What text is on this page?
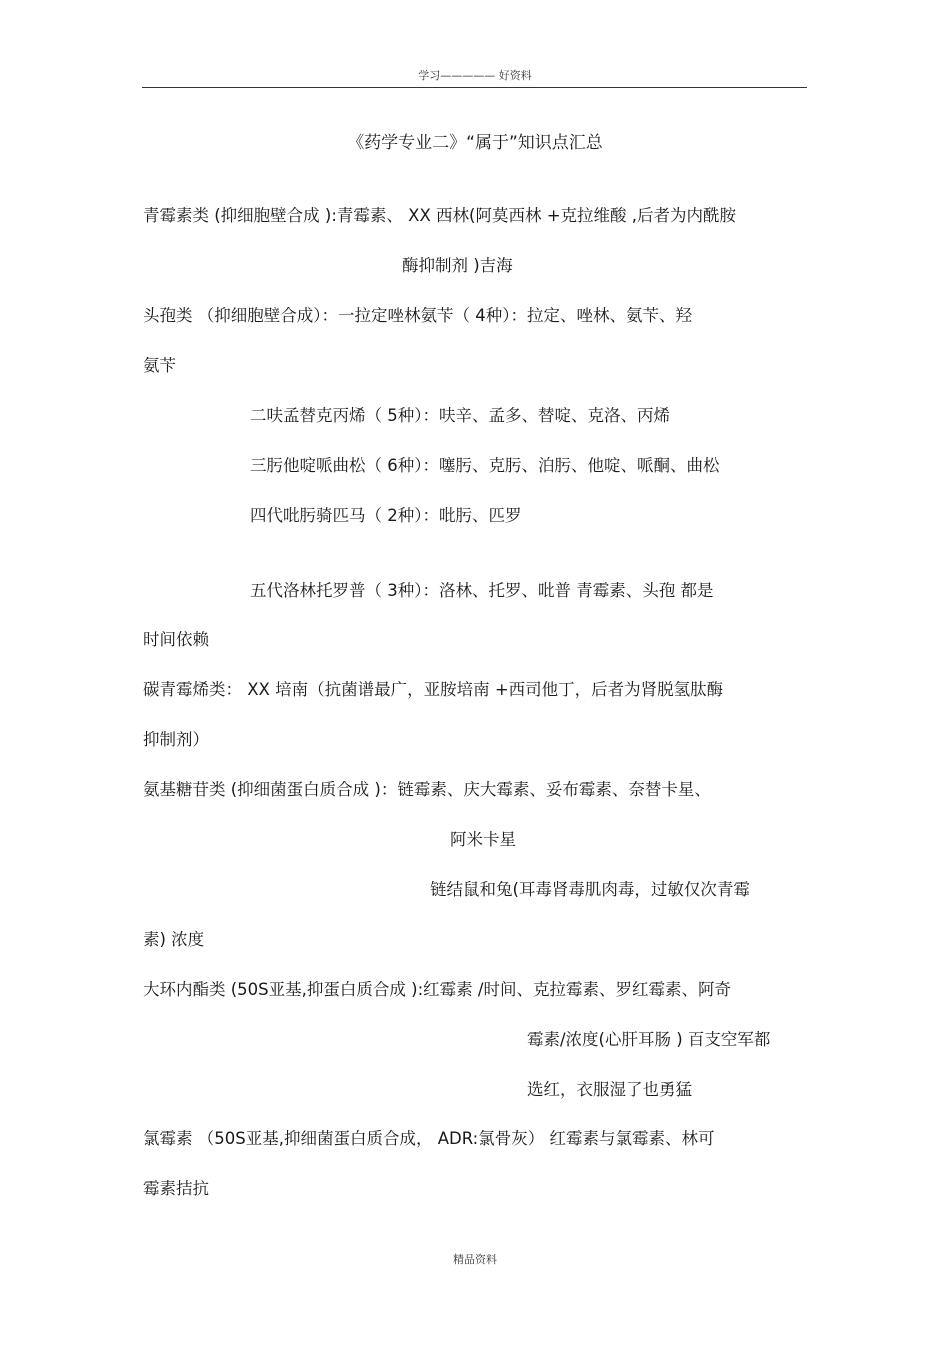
学习————— 好资料
《药学专业二》“属于”知识点汇总
青霉素类 (抑细胞壁合成 ):青霉素、 XX 西林(阿莫西林 +克拉维酸 ,后者为内酰胺
酶抑制剂 )吉海
头孢类 （抑细胞壁合成）：一拉定唑林氨苄（ 4种）：拉定、唑林、氨苄、羟
氨苄
二呋孟替克丙烯（ 5种）：呋辛、孟多、替啶、克洛、丙烯
三肟他啶哌曲松（ 6种）：噻肟、克肟、泊肟、他啶、哌酮、曲松
四代吡肟骑匹马（ 2种）：吡肟、匹罗
五代洛林托罗普（ 3种）：洛林、托罗、吡普 青霉素、头孢 都是
时间依赖
碳青霉烯类： XX 培南（抗菌谱最广，亚胺培南 +西司他丁，后者为肾脱氢肽酶
抑制剂）
氨基糖苷类 (抑细菌蛋白质合成 )：链霉素、庆大霉素、妥布霉素、奈替卡星、
阿米卡星
链结鼠和兔(耳毒肾毒肌肉毒，过敏仅次青霉
素) 浓度
大环内酯类 (50S亚基,抑蛋白质合成 ):红霉素 /时间、克拉霉素、罗红霉素、阿奇
霉素/浓度(心肝耳肠 ) 百支空军都
选红，衣服湿了也勇猛
氯霉素 （50S亚基,抑细菌蛋白质合成， ADR:氯骨灰） 红霉素与氯霉素、林可
霉素拮抗
精品资料
